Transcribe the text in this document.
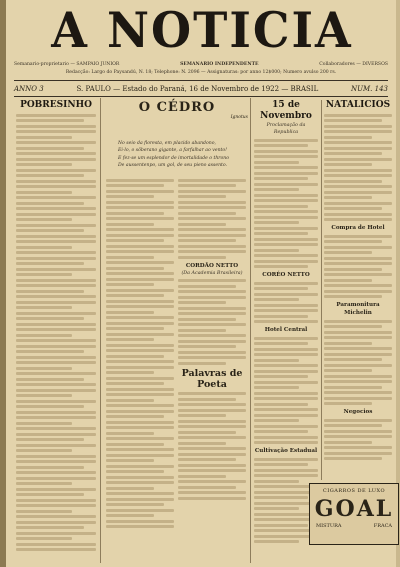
A NOTICIA
Semanario-proprietario — SAMPAIO JUNIOR	SEMANARIO INDEPENDENTE	Collaboradores — DIVERSOS
Redacção: Largo do Paysandú, N. 18; Telephone: N. 2096 — Assignaturas: por anno 12$000; Numero avulso 200 rs.
ANNO 3	S. PAULO — Estado do Paraná, 16 de Novembro de 1922 — BRASIL	NUM. 143
POBRESINHO	O CÉDRO
Ignotus
No seio da floresta, em placido abandono,
Ei-lo, o sôberano gigante, a farfalhar ao vento!
E fez-se um esplendor de imortalidade o throno
De aussentenpo, um gol, de seu pieno assento.
CORDÃO NETTO
(Da Academia Brasileira)
Palavras de Poeta
15 de Novembro
Proclamação da Republica
CORÉO NETTO
Hotel Central
Cultivação Estadual
NATALICIOS
Compra de Hotel
Paramonitura Michelin
Negocios
CIGARROS DE LUXO
GOAL
MISTURA	FRACA
